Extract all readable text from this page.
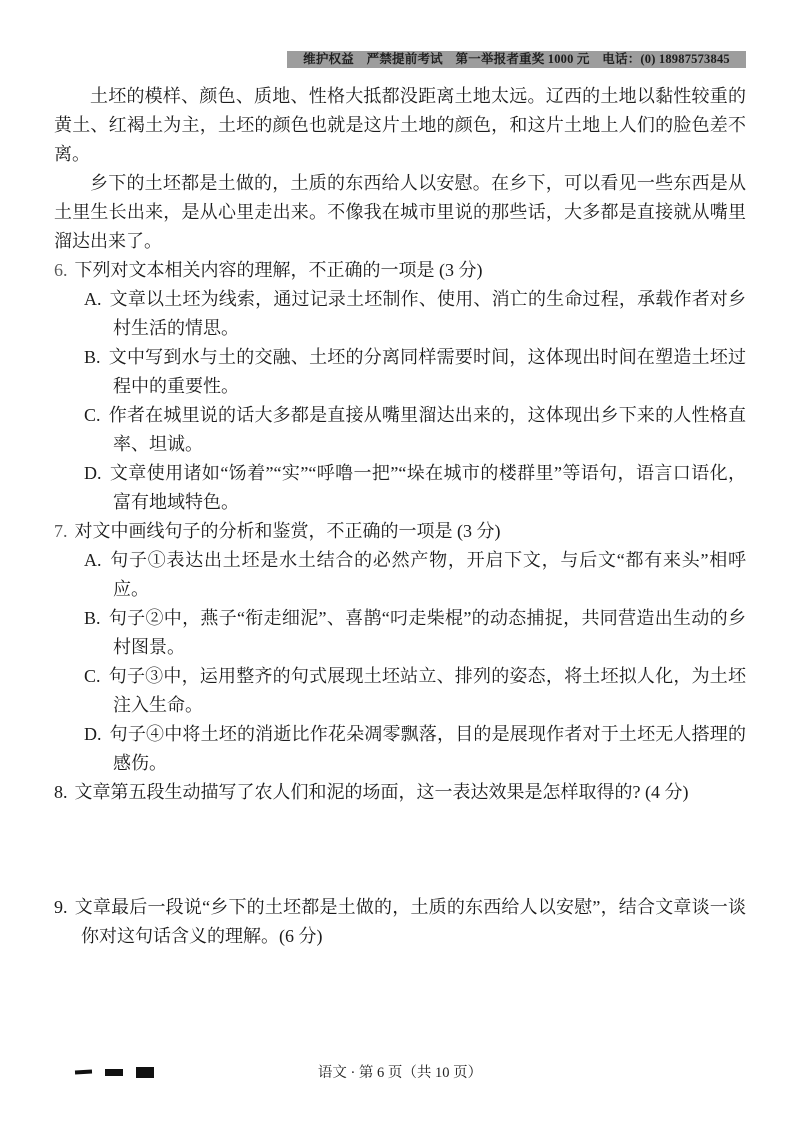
维护权益　严禁提前考试　第一举报者重奖 1000 元　电话：(0) 18987573845

土坯的模样、颜色、质地、性格大抵都没距离土地太远。辽西的土地以黏性较重的黄土、红褐土为主，土坯的颜色也就是这片土地的颜色，和这片土地上人们的脸色差不离。

乡下的土坯都是土做的，土质的东西给人以安慰。在乡下，可以看见一些东西是从土里生长出来，是从心里走出来。不像我在城市里说的那些话，大多都是直接就从嘴里溜达出来了。

6. 下列对文本相关内容的理解，不正确的一项是 (3 分)
A. 文章以土坯为线索，通过记录土坯制作、使用、消亡的生命过程，承载作者对乡村生活的情思。
B. 文中写到水与土的交融、土坯的分离同样需要时间，这体现出时间在塑造土坯过程中的重要性。
C. 作者在城里说的话大多都是直接从嘴里溜达出来的，这体现出乡下来的人性格直率、坦诚。
D. 文章使用诸如“饧着”“实”“呼噜一把”“垛在城市的楼群里”等语句，语言口语化，富有地域特色。
7. 对文中画线句子的分析和鉴赏，不正确的一项是 (3 分)
A. 句子①表达出土坯是水土结合的必然产物，开启下文，与后文“都有来头”相呼应。
B. 句子②中，燕子“衔走细泥”、喜鹊“叼走柴棍”的动态捕捉，共同营造出生动的乡村图景。
C. 句子③中，运用整齐的句式展现土坯站立、排列的姿态，将土坯拟人化，为土坯注入生命。
D. 句子④中将土坯的消逝比作花朵凋零飘落，目的是展现作者对于土坯无人搭理的感伤。
8. 文章第五段生动描写了农人们和泥的场面，这一表达效果是怎样取得的? (4 分)
9. 文章最后一段说“乡下的土坯都是土做的，土质的东西给人以安慰”，结合文章谈一谈你对这句话含义的理解。(6 分)
语文 · 第 6 页（共 10 页）
